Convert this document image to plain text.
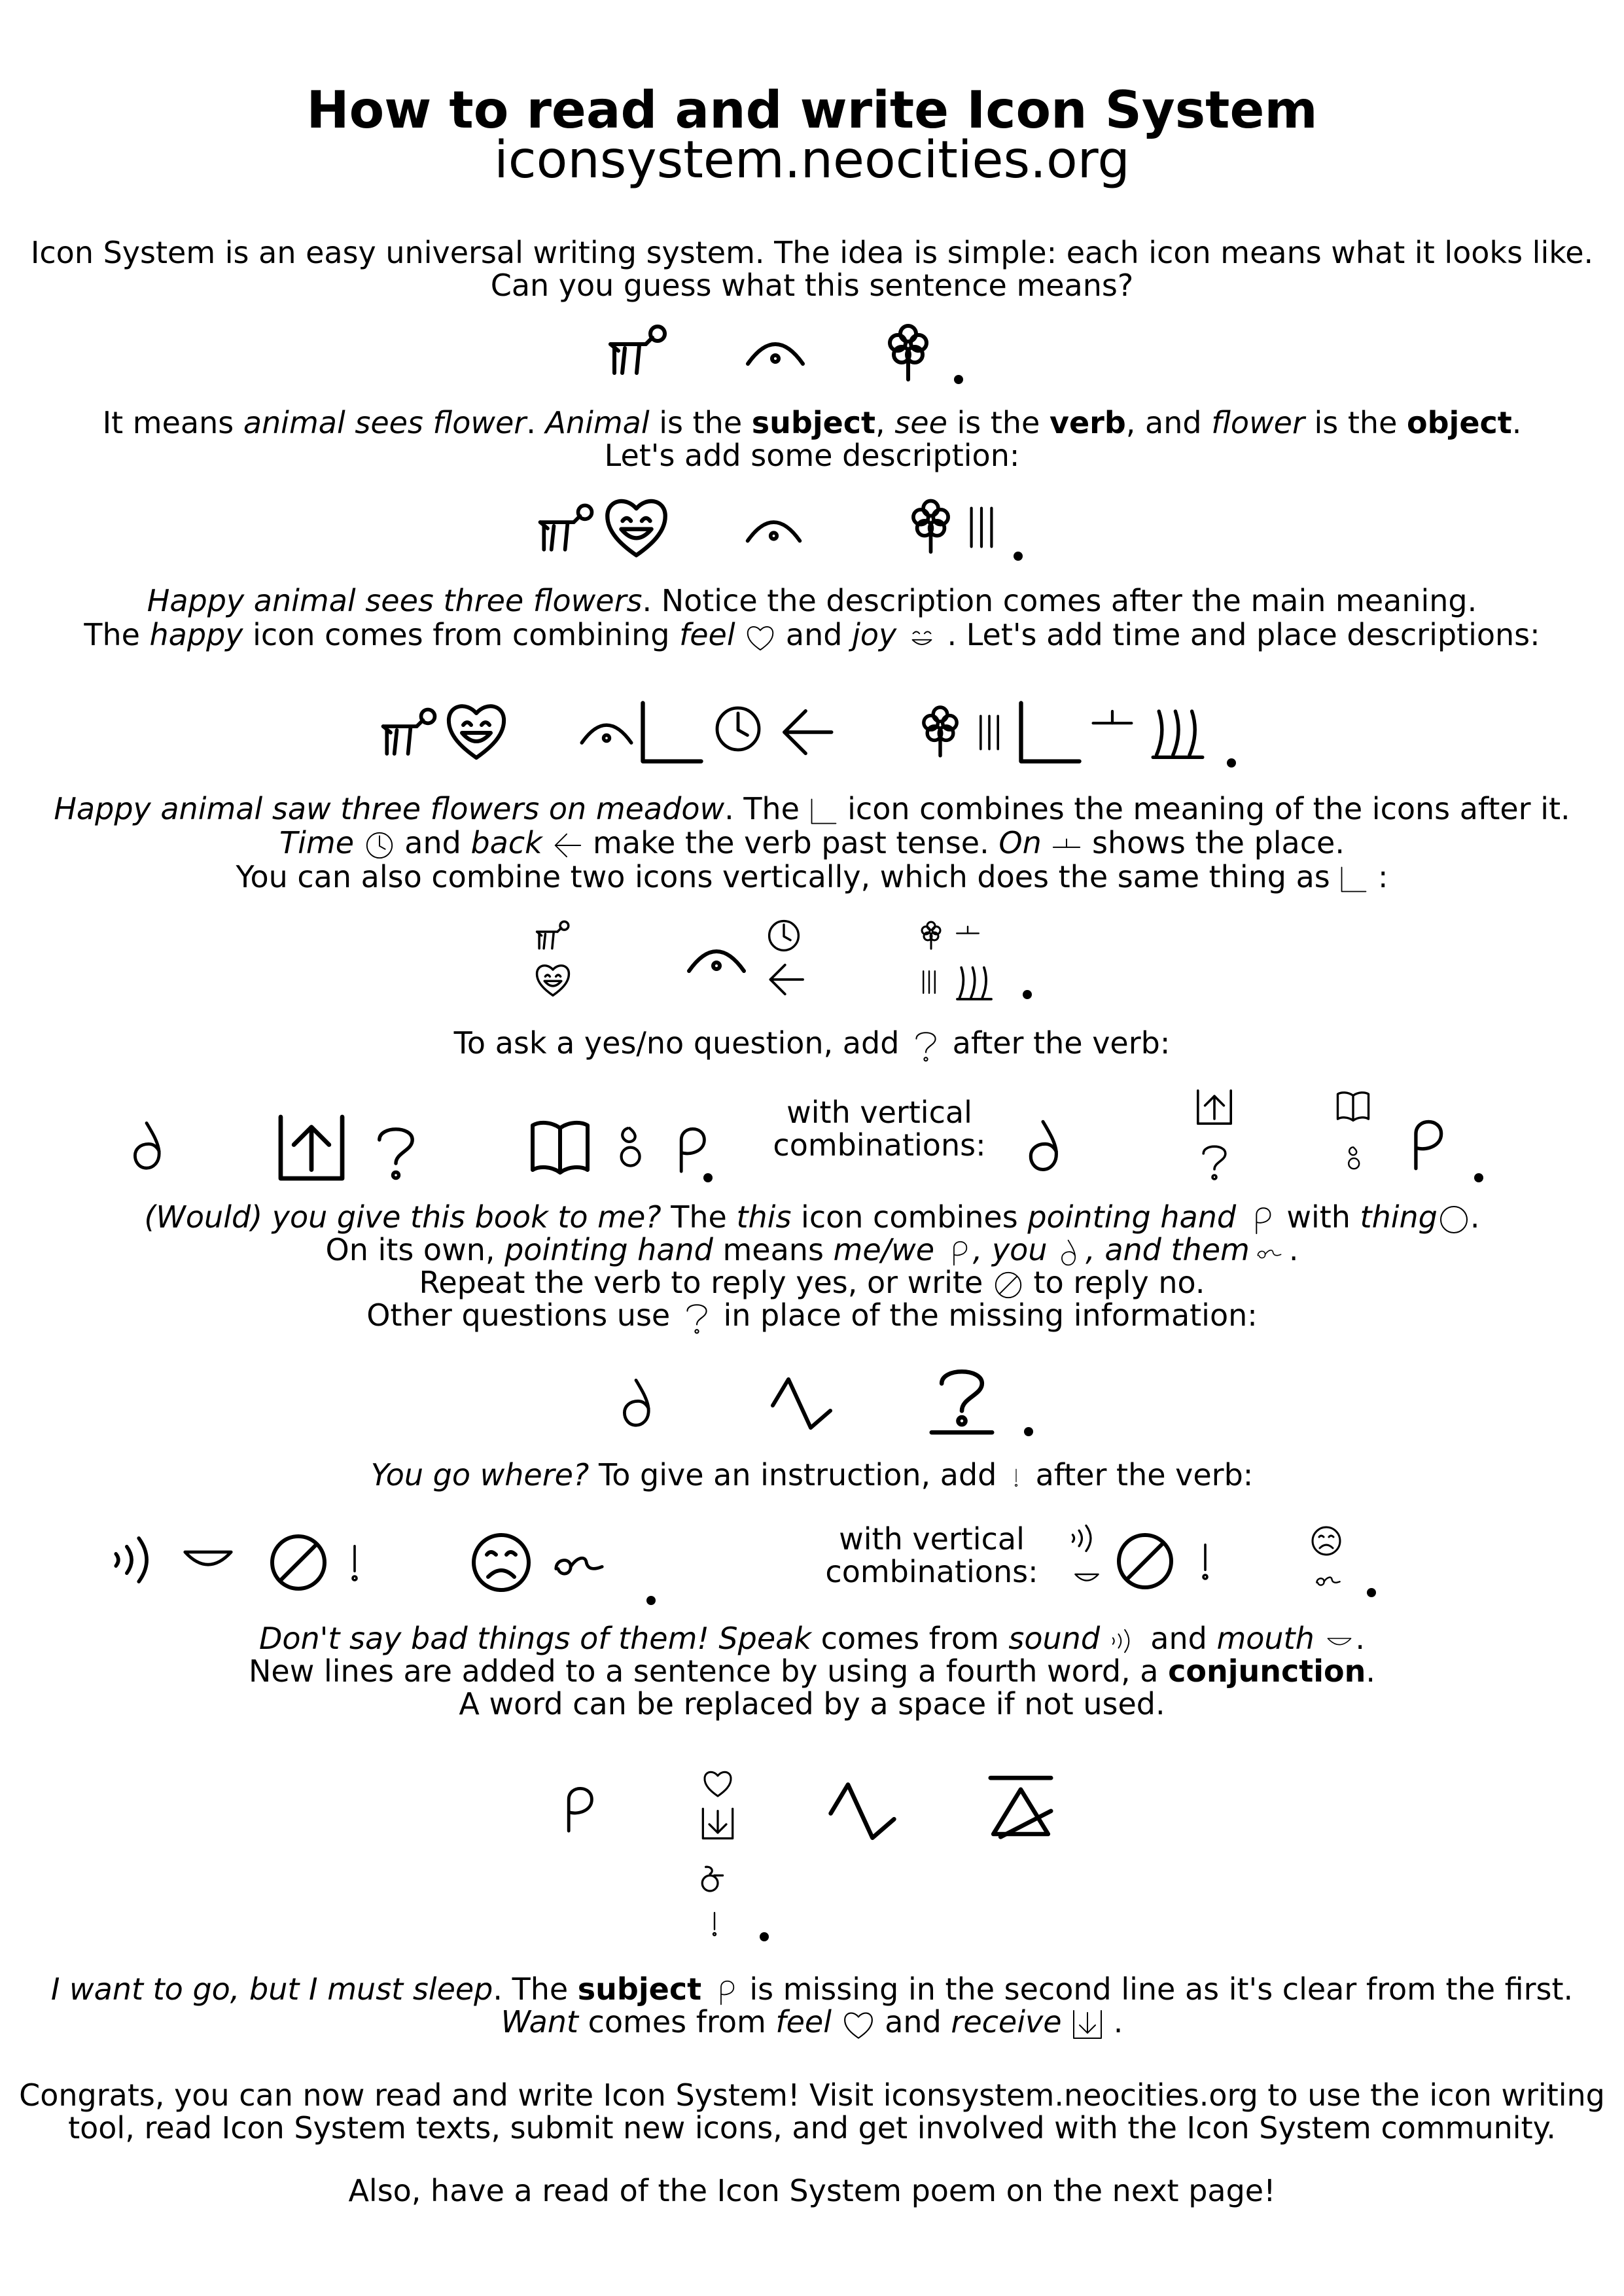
How to read and write Icon System
iconsystem.neocities.org
Icon System is an easy universal writing system. The idea is simple: each icon means what it looks like.
Can you guess what this sentence means?
It means animal sees flower. Animal is the subject, see is the verb, and flower is the object.
Let's add some description:
Happy animal sees three flowers. Notice the description comes after the main meaning.
The happy icon comes from combining feel  and joy . Let's add time and place descriptions:
Happy animal saw three flowers on meadow. The  icon combines the meaning of the icons after it.
Time  and back  make the verb past tense. On  shows the place.
You can also combine two icons vertically, which does the same thing as :
To ask a yes/no question, add after the verb:
with vertical
combinations:
(Would) you give this book to me? The this icon combines pointing hand  with thing .
On its own, pointing hand means me/we , you , and them .
Repeat the verb to reply yes, or write to reply no.
Other questions use in place of the missing information:
You go where? To give an instruction, add after the verb:
with vertical
combinations:
Don't say bad things of them! Speak comes from sound  and mouth .
New lines are added to a sentence by using a fourth word, a conjunction.
A word can be replaced by a space if not used.
I want to go, but I must sleep. The subject  is missing in the second line as it's clear from the first.
Want comes from feel  and receive .
Congrats, you can now read and write Icon System! Visit iconsystem.neocities.org to use the icon writing
tool, read Icon System texts, submit new icons, and get involved with the Icon System community.
Also, have a read of the Icon System poem on the next page!
